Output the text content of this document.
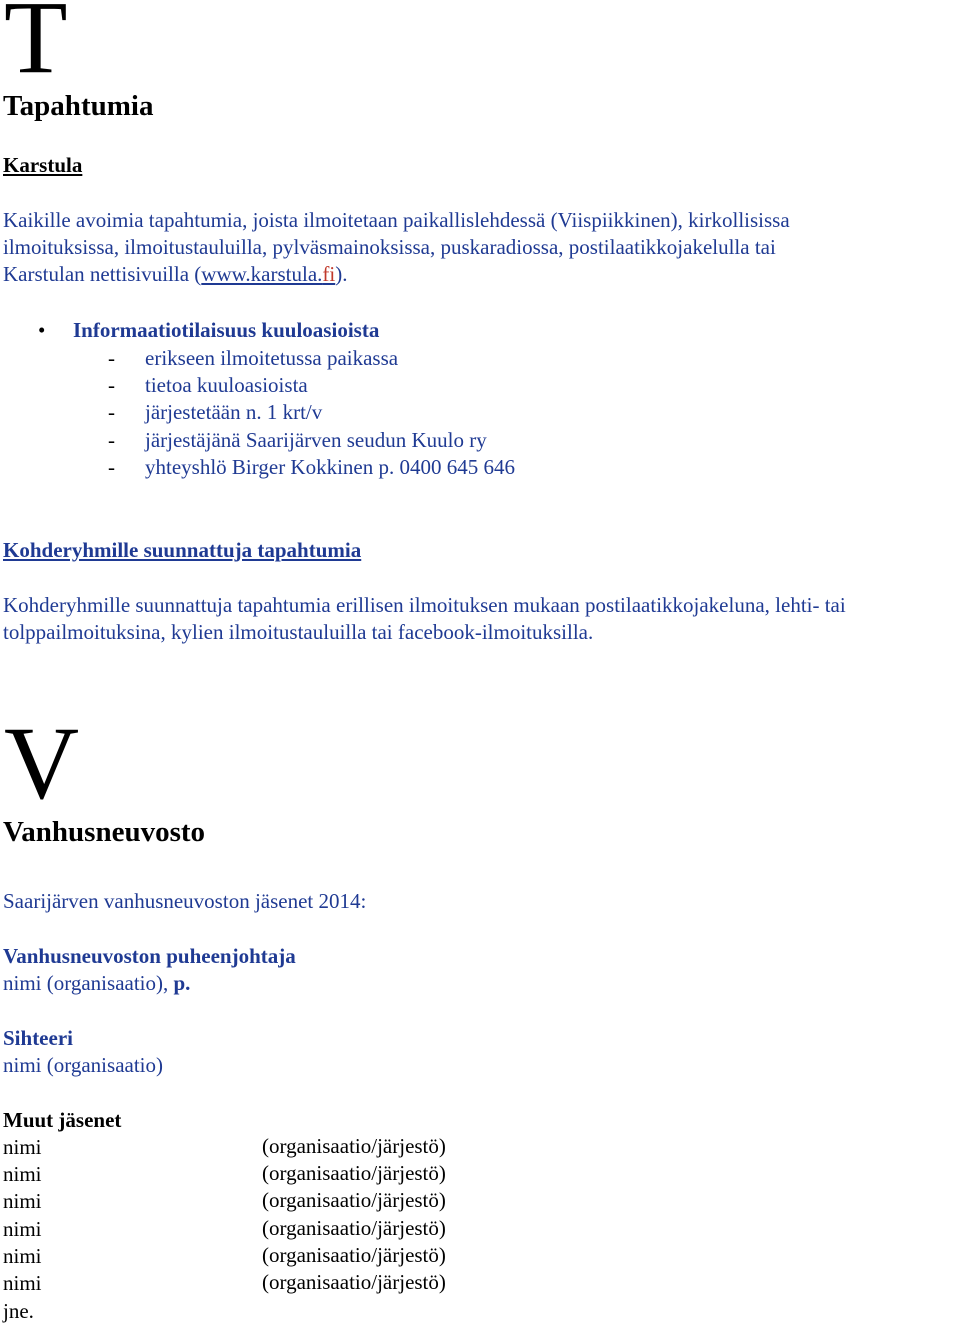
T
Tapahtumia
Karstula
Kaikille avoimia tapahtumia, joista ilmoitetaan paikallislehdessä (Viispiikkinen), kirkollisissa
ilmoituksissa, ilmoitustauluilla, pylväsmainoksissa, puskaradiossa, postilaatikkojakelulla tai
Karstulan nettisivuilla (www.karstula.fi).
• Informaatiotilaisuus kuuloasioista
- erikseen ilmoitetussa paikassa
- tietoa kuuloasioista
- järjestetään n. 1 krt/v
- järjestäjänä Saarijärven seudun Kuulo ry
- yhteyshlö Birger Kokkinen p. 0400 645 646
Kohderyhmille suunnattuja tapahtumia
Kohderyhmille suunnattuja tapahtumia erillisen ilmoituksen mukaan postilaatikkojakeluna, lehti- tai
tolppailmoituksina, kylien ilmoitustauluilla tai facebook-ilmoituksilla.
V
Vanhusneuvosto
Saarijärven vanhusneuvoston jäsenet 2014:
Vanhusneuvoston puheenjohtaja
nimi (organisaatio), p.
Sihteeri
nimi (organisaatio)
Muut jäsenet
nimi	(organisaatio/järjestö)
nimi	(organisaatio/järjestö)
nimi	(organisaatio/järjestö)
nimi	(organisaatio/järjestö)
nimi	(organisaatio/järjestö)
nimi	(organisaatio/järjestö)
jne.
